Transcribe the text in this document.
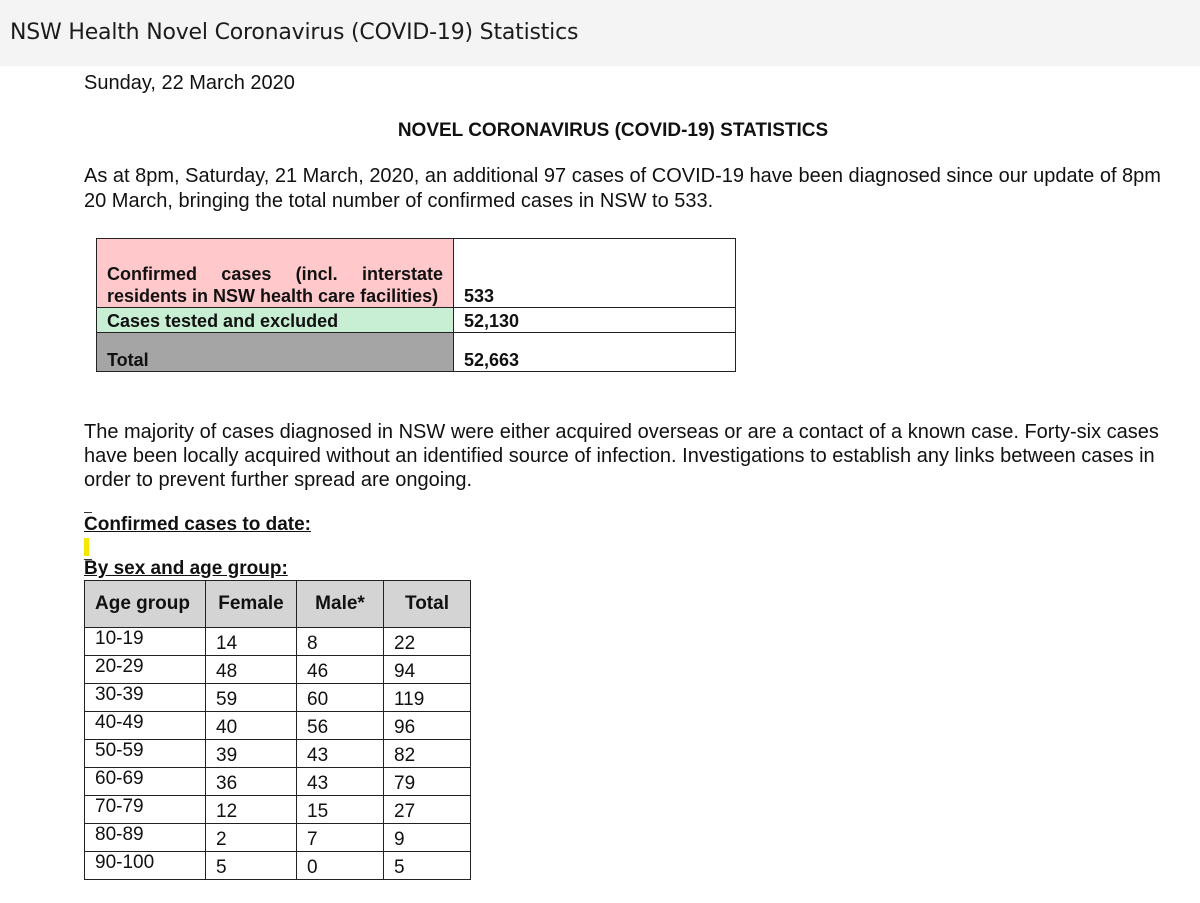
NSW Health Novel Coronavirus (COVID-19) Statistics
Sunday, 22 March 2020
NOVEL CORONAVIRUS (COVID-19) STATISTICS
As at 8pm, Saturday, 21 March, 2020, an additional 97 cases of COVID-19 have been diagnosed since our update of 8pm 20 March, bringing the total number of confirmed cases in NSW to 533.
Confirmed cases (incl. interstate residents in NSW health care facilities)	533
Cases tested and excluded	52,130
Total	52,663
The majority of cases diagnosed in NSW were either acquired overseas or are a contact of a known case. Forty-six cases have been locally acquired without an identified source of infection. Investigations to establish any links between cases in order to prevent further spread are ongoing.
Confirmed cases to date:
By sex and age group:
Age group	Female	Male*	Total
10-19	14	8	22
20-29	48	46	94
30-39	59	60	119
40-49	40	56	96
50-59	39	43	82
60-69	36	43	79
70-79	12	15	27
80-89	2	7	9
90-100	5	0	5
